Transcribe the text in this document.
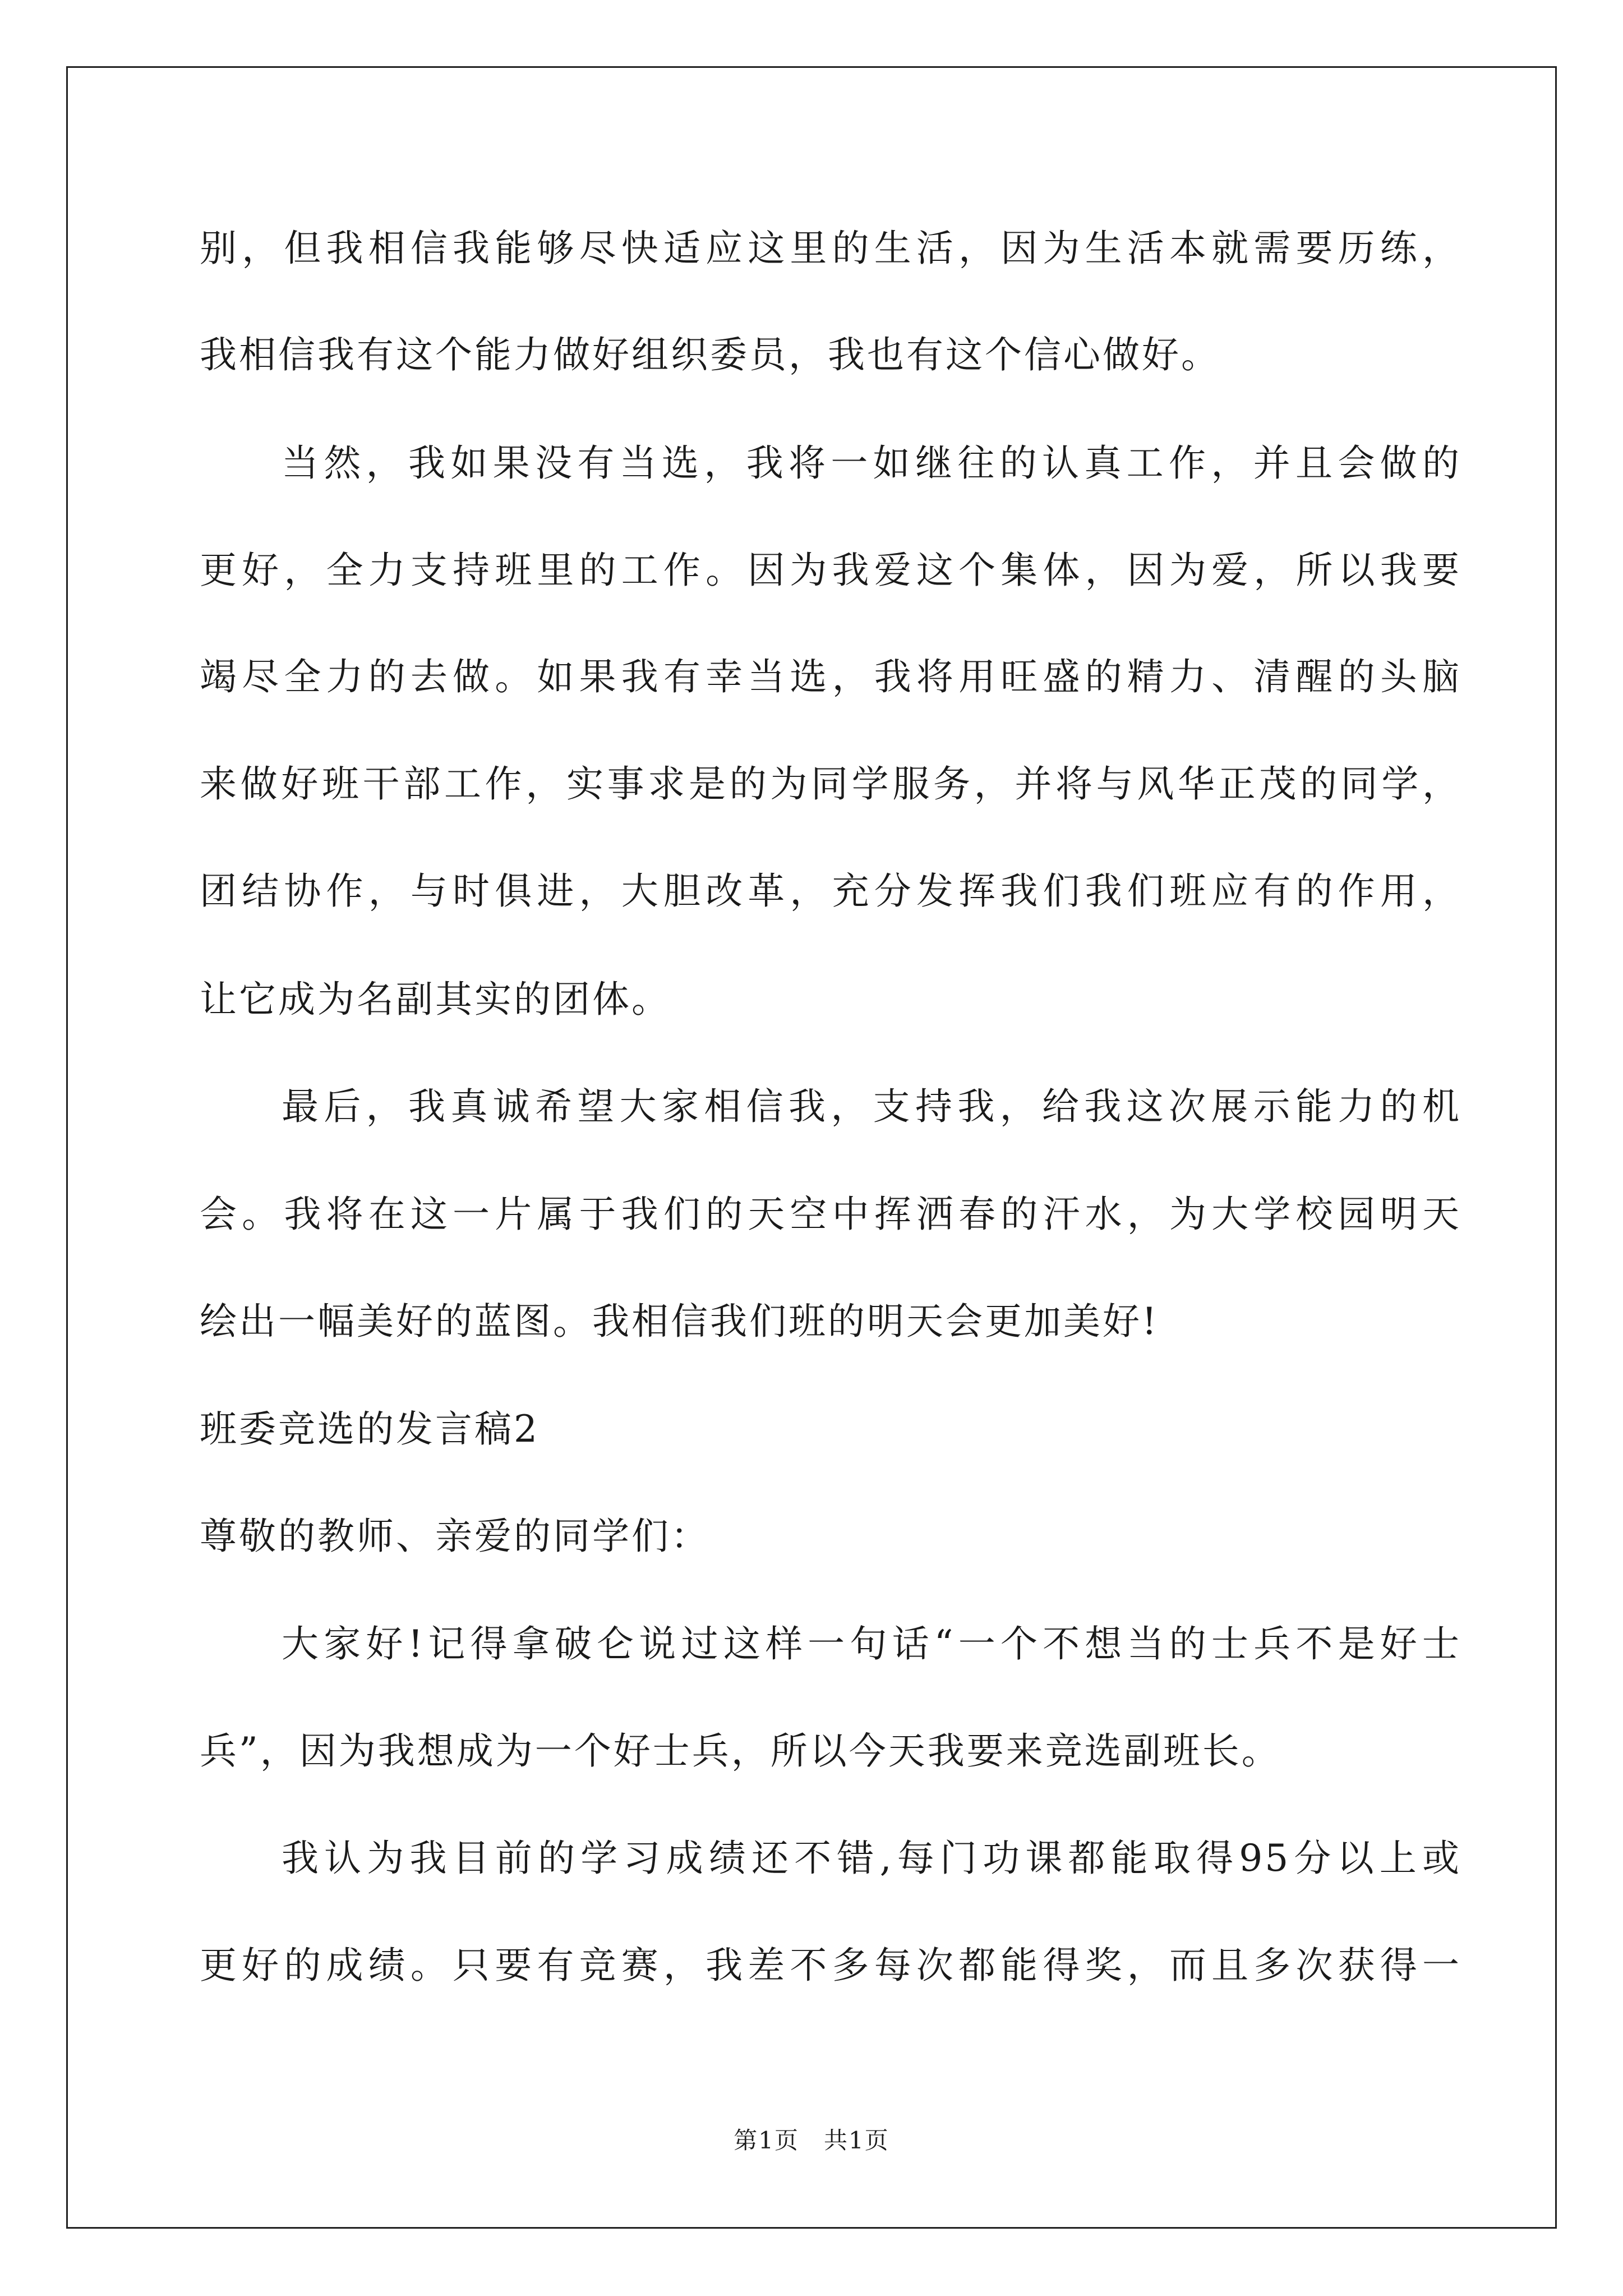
别，但我相信我能够尽快适应这里的生活，因为生活本就需要历练，
我相信我有这个能力做好组织委员，我也有这个信心做好。
当然，我如果没有当选，我将一如继往的认真工作，并且会做的
更好，全力支持班里的工作。因为我爱这个集体，因为爱，所以我要
竭尽全力的去做。如果我有幸当选，我将用旺盛的精力、清醒的头脑
来做好班干部工作，实事求是的为同学服务，并将与风华正茂的同学，
团结协作，与时俱进，大胆改革，充分发挥我们我们班应有的作用，
让它成为名副其实的团体。
最后，我真诚希望大家相信我，支持我，给我这次展示能力的机
会。我将在这一片属于我们的天空中挥洒春的汗水，为大学校园明天
绘出一幅美好的蓝图。我相信我们班的明天会更加美好!
班委竞选的发言稿2
尊敬的教师、亲爱的同学们：
大家好!记得拿破仑说过这样一句话“一个不想当的士兵不是好士
兵”，因为我想成为一个好士兵，所以今天我要来竞选副班长。
我认为我目前的学习成绩还不错,每门功课都能取得95分以上或
更好的成绩。只要有竞赛，我差不多每次都能得奖，而且多次获得一
第1页　共1页
